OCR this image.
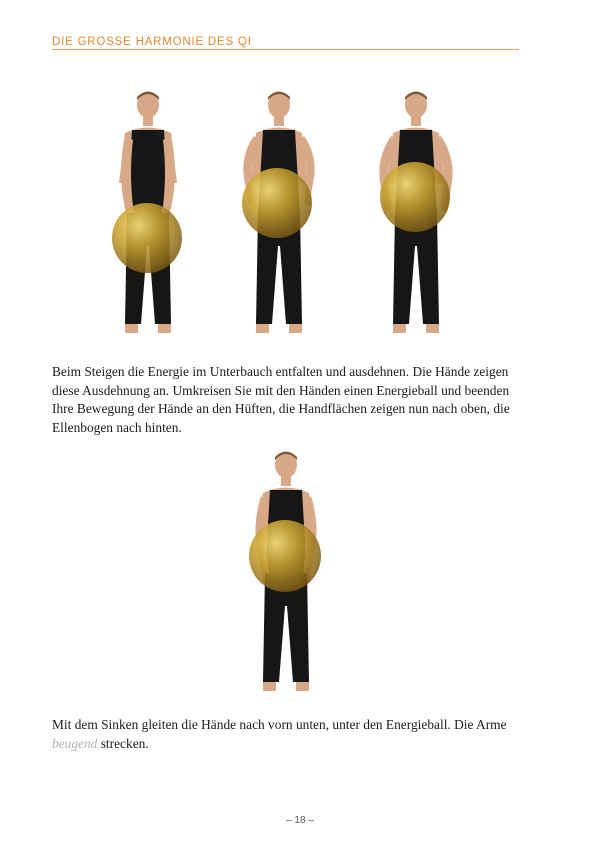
DIE GROSSE HARMONIE DES QI

Beim Steigen die Energie im Unterbauch entfalten und ausdehnen. Die Hände zeigen diese Ausdehnung an. Umkreisen Sie mit den Händen einen Energieball und beenden Ihre Bewegung der Hände an den Hüften, die Handflächen zeigen nun nach oben, die Ellenbogen nach hinten.

Mit dem Sinken gleiten die Hände nach vorn unten, unter den Energieball. Die Arme beugend strecken.

– 18 –
